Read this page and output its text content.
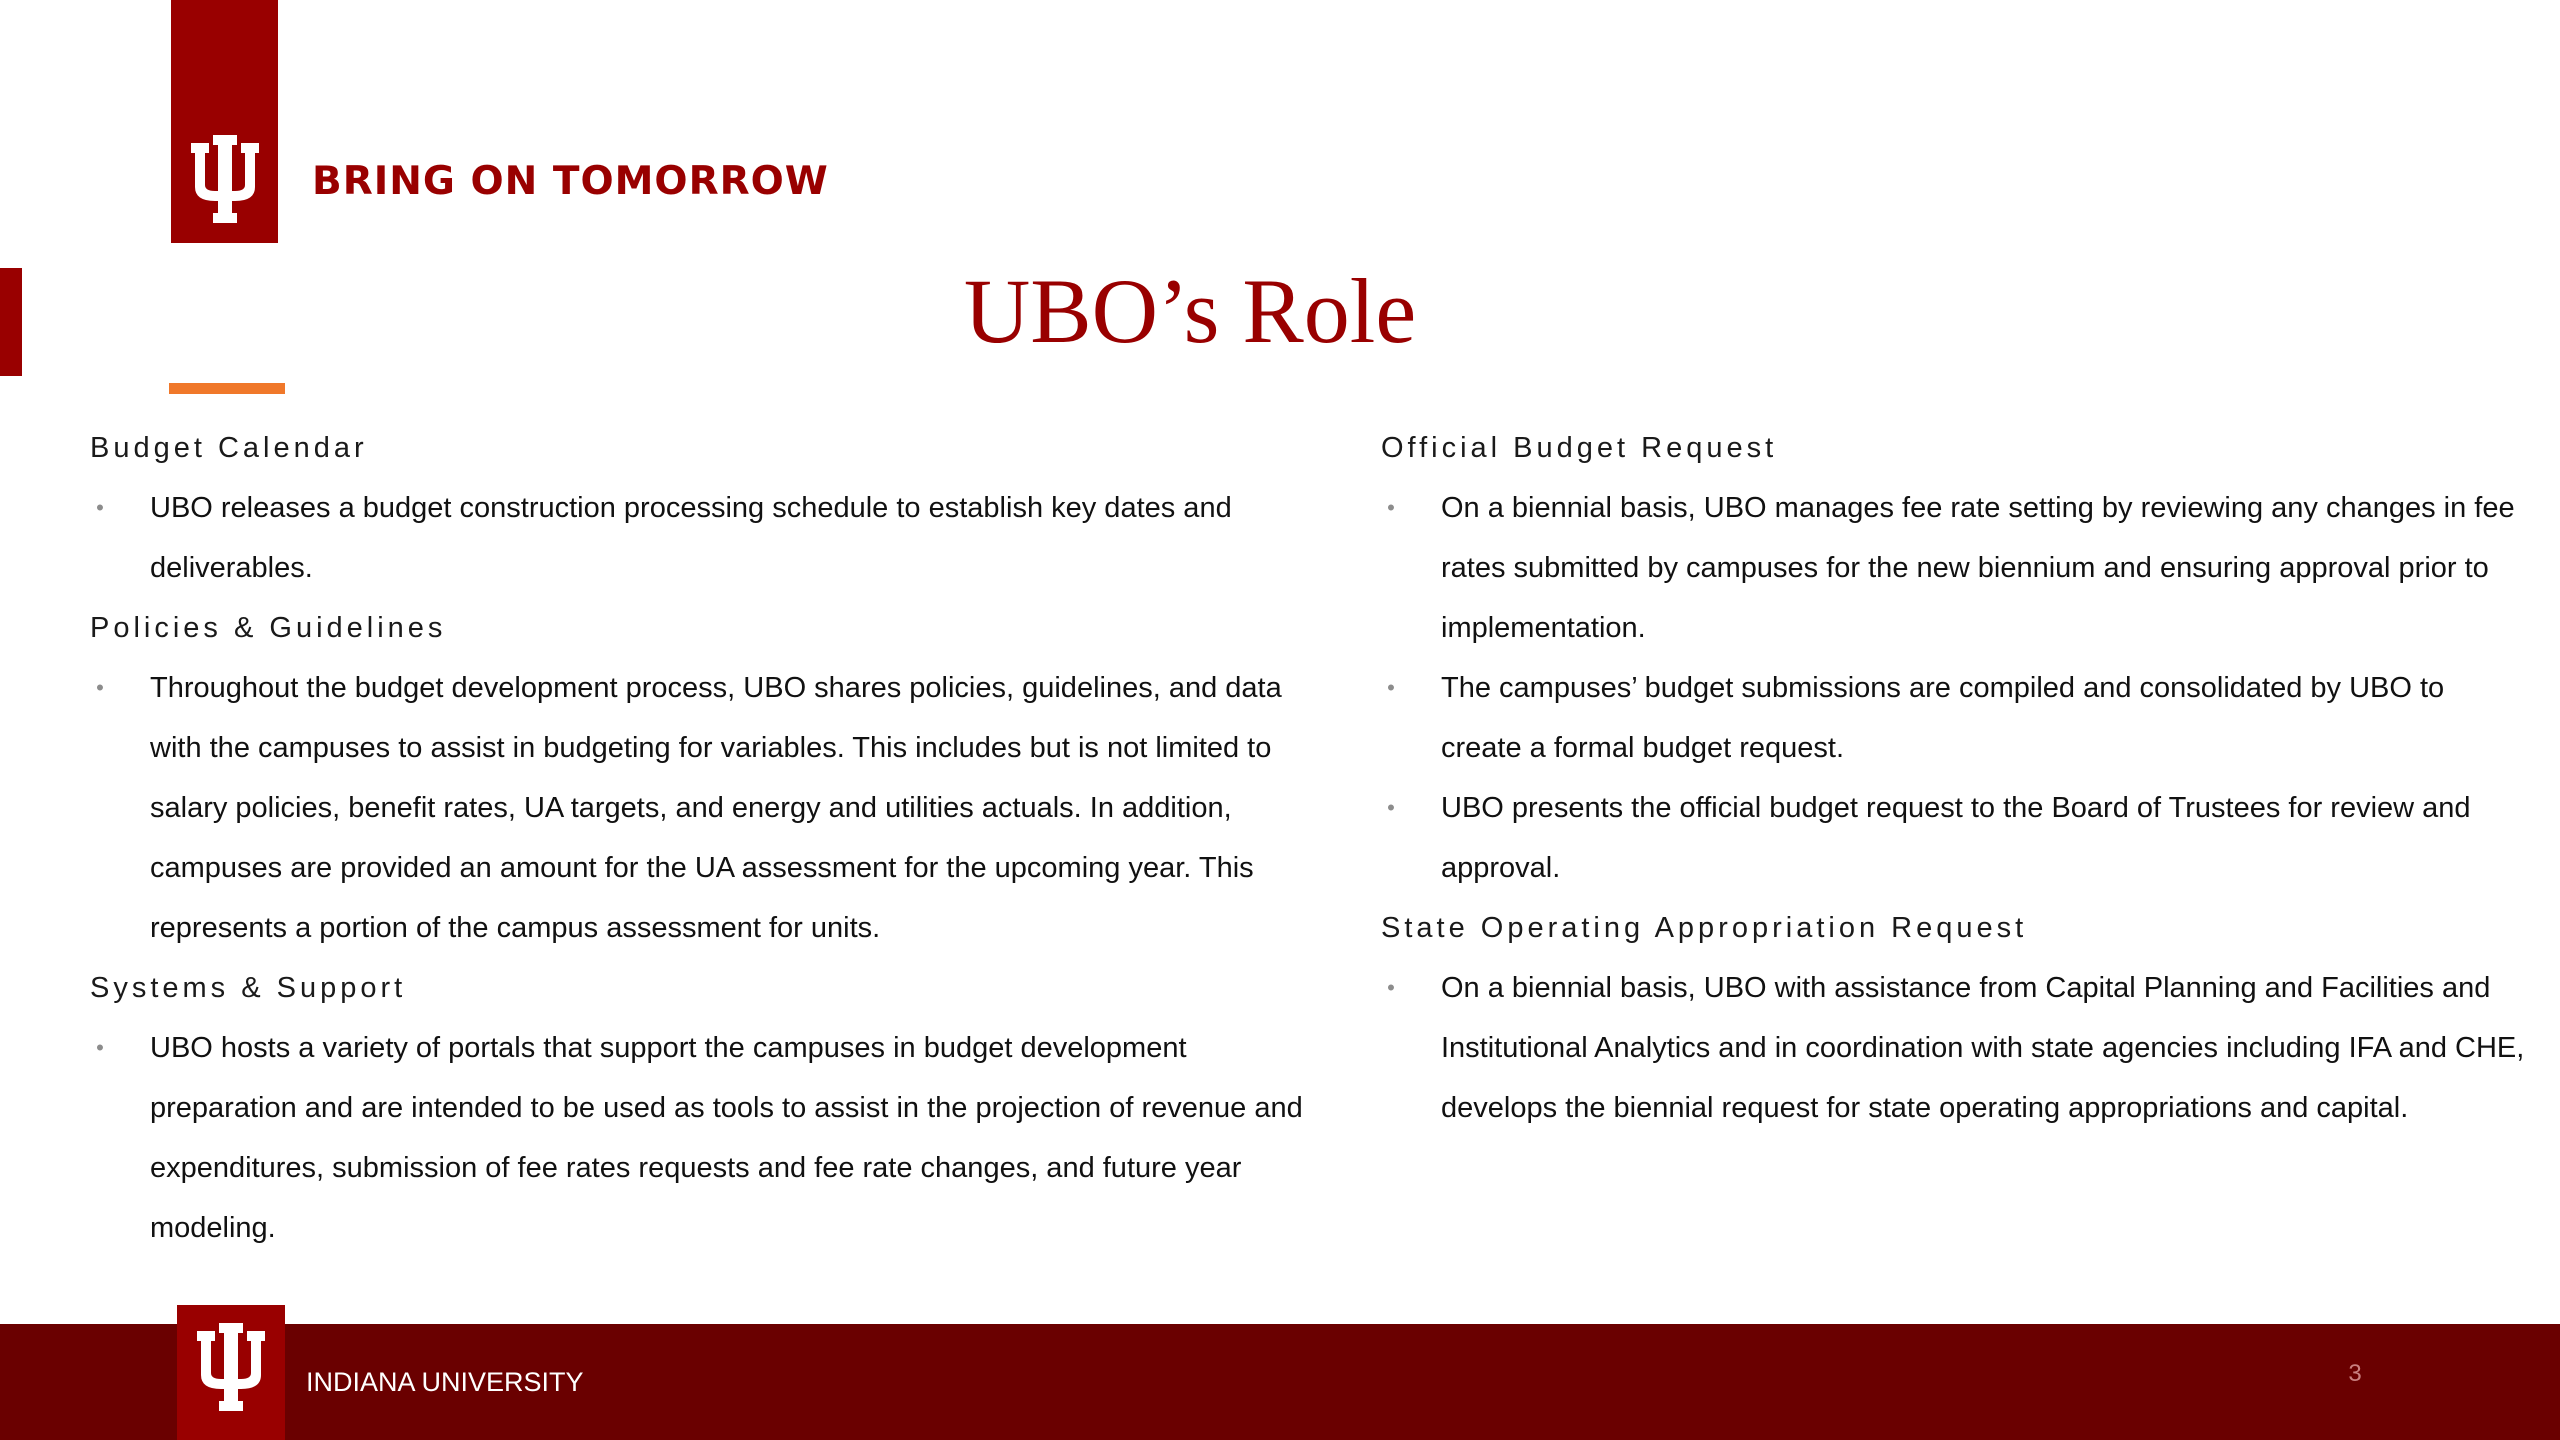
BRING ON TOMORROW
UBO’s Role
Budget Calendar
• UBO releases a budget construction processing schedule to establish key dates and deliverables.
Policies & Guidelines
• Throughout the budget development process, UBO shares policies, guidelines, and data with the campuses to assist in budgeting for variables. This includes but is not limited to salary policies, benefit rates, UA targets, and energy and utilities actuals. In addition, campuses are provided an amount for the UA assessment for the upcoming year. This represents a portion of the campus assessment for units.
Systems & Support
• UBO hosts a variety of portals that support the campuses in budget development preparation and are intended to be used as tools to assist in the projection of revenue and expenditures, submission of fee rates requests and fee rate changes, and future year modeling.
Official Budget Request
• On a biennial basis, UBO manages fee rate setting by reviewing any changes in fee rates submitted by campuses for the new biennium and ensuring approval prior to implementation.
• The campuses’ budget submissions are compiled and consolidated by UBO to create a formal budget request.
• UBO presents the official budget request to the Board of Trustees for review and approval.
State Operating Appropriation Request
• On a biennial basis, UBO with assistance from Capital Planning and Facilities and Institutional Analytics and in coordination with state agencies including IFA and CHE, develops the biennial request for state operating appropriations and capital.
INDIANA UNIVERSITY	3
